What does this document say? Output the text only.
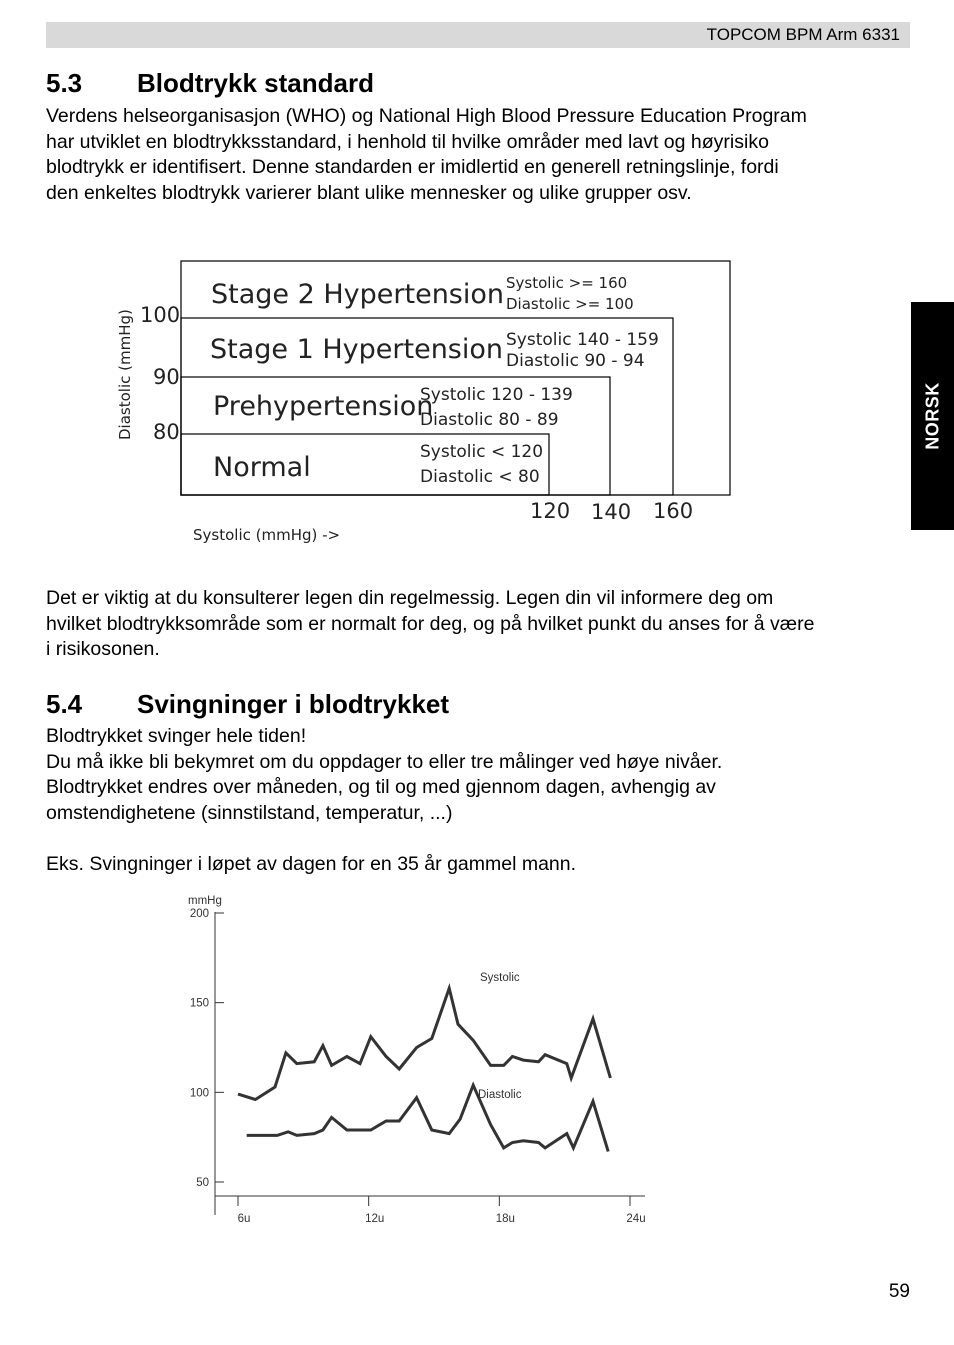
TOPCOM BPM Arm 6331
NORSK
5.3 Blodtrykk standard

Verdens helseorganisasjon (WHO) og National High Blood Pressure Education Program
har utviklet en blodtrykksstandard, i henhold til hvilke områder med lavt og høyrisiko
blodtrykk er identifisert. Denne standarden er imidlertid en generell retningslinje, fordi
den enkeltes blodtrykk varierer blant ulike mennesker og ulike grupper osv.

Stage 2 Hypertension Systolic >= 160
Diastolic >= 100
Stage 1 Hypertension Systolic 140 - 159
Diastolic 90 - 94
Prehypertension
Systolic 120 - 139
Diastolic 80 - 89
Normal	Systolic < 120
Diastolic < 80
100
90
80
120 140 160
Diastolic (mmHg)
Systolic (mmHg) ->

Det er viktig at du konsulterer legen din regelmessig. Legen din vil informere deg om
hvilket blodtrykksområde som er normalt for deg, og på hvilket punkt du anses for å være
i risikosonen.

5.4 Svingninger i blodtrykket

Blodtrykket svinger hele tiden!
Du må ikke bli bekymret om du oppdager to eller tre målinger ved høye nivåer.
Blodtrykket endres over måneden, og til og med gjennom dagen, avhengig av
omstendighetene (sinnstilstand, temperatur, ...)

Eks. Svingninger i løpet av dagen for en 35 år gammel mann.

mmHg
200
150
100
50
6u	12u	18u	24u
Systolic
Diastolic
59
